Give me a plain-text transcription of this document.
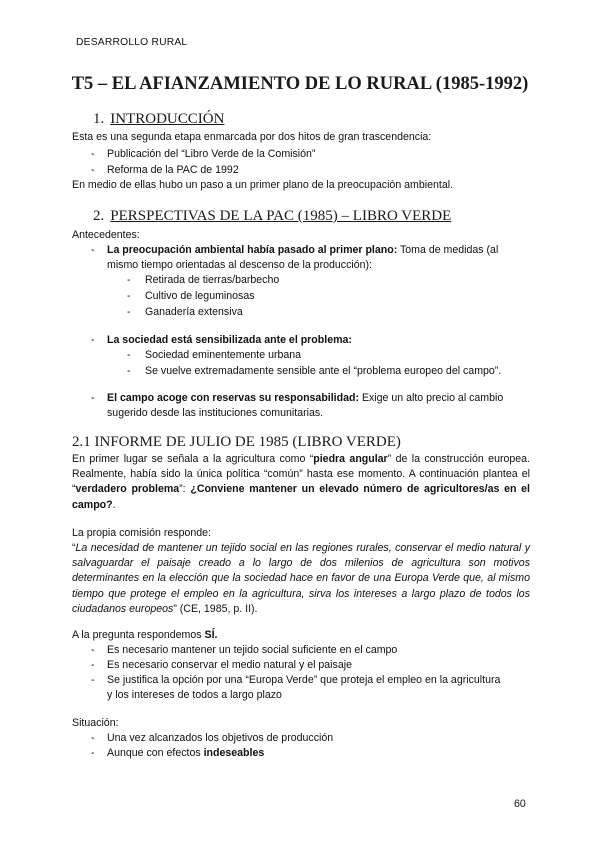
DESARROLLO RURAL
T5 – EL AFIANZAMIENTO DE LO RURAL (1985-1992)
1. INTRODUCCIÓN
Esta es una segunda etapa enmarcada por dos hitos de gran trascendencia:
- Publicación del “Libro Verde de la Comisión”
- Reforma de la PAC de 1992
En medio de ellas hubo un paso a un primer plano de la preocupación ambiental.
2. PERSPECTIVAS DE LA PAC (1985) – LIBRO VERDE
Antecedentes:
- La preocupación ambiental había pasado al primer plano: Toma de medidas (al
mismo tiempo orientadas al descenso de la producción):
- Retirada de tierras/barbecho
- Cultivo de leguminosas
- Ganadería extensiva
- La sociedad está sensibilizada ante el problema:
- Sociedad eminentemente urbana
- Se vuelve extremadamente sensible ante el “problema europeo del campo”.
- El campo acoge con reservas su responsabilidad: Exige un alto precio al cambio
sugerido desde las instituciones comunitarias.
2.1 INFORME DE JULIO DE 1985 (LIBRO VERDE)
En primer lugar se señala a la agricultura como “piedra angular” de la construcción europea. Realmente, había sido la única política “común” hasta ese momento. A continuación plantea el “verdadero problema”: ¿Conviene mantener un elevado número de agricultores/as en el campo?.
La propia comisión responde:
“La necesidad de mantener un tejido social en las regiones rurales, conservar el medio natural y salvaguardar el paisaje creado a lo largo de dos milenios de agricultura son motivos determinantes en la elección que la sociedad hace en favor de una Europa Verde que, al mismo tiempo que protege el empleo en la agricultura, sirva los intereses a largo plazo de todos los ciudadanos europeos” (CE, 1985, p. II).
A la pregunta respondemos SÍ.
- Es necesario mantener un tejido social suficiente en el campo
- Es necesario conservar el medio natural y el paisaje
- Se justifica la opción por una “Europa Verde” que proteja el empleo en la agricultura
y los intereses de todos a largo plazo
Situación:
- Una vez alcanzados los objetivos de producción
- Aunque con efectos indeseables
60
